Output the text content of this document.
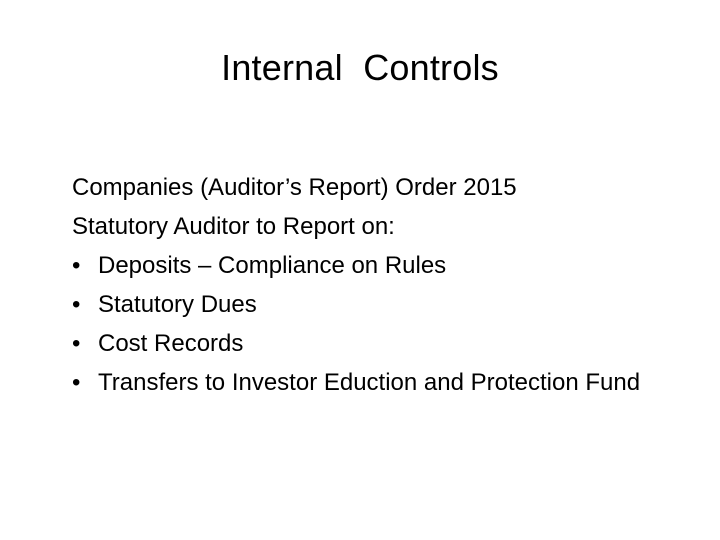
Internal  Controls
Companies (Auditor’s Report) Order 2015
Statutory Auditor to Report on:
• Deposits – Compliance on Rules
• Statutory Dues
• Cost Records
• Transfers to Investor Eduction and Protection Fund
